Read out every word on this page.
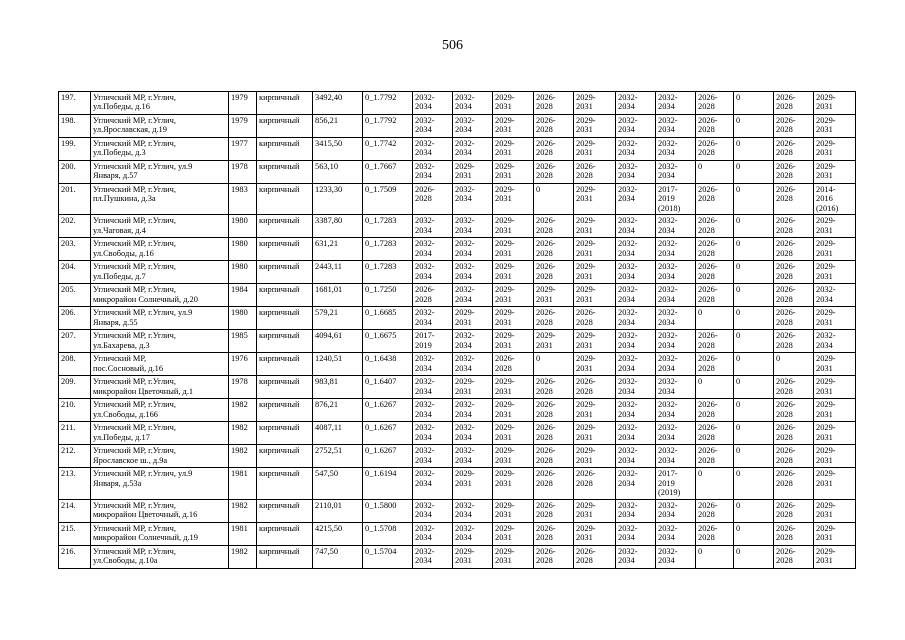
506
197.	Угличский МР, г.Углич,
ул.Победы, д.16	1979	кирпичный	3492,40	0_1.7792	2032-
2034	2032-
2034	2029-
2031	2026-
2028	2029-
2031	2032-
2034	2032-
2034	2026-
2028	0	2026-
2028	2029-
2031
198.	Угличский МР, г.Углич,
ул.Ярославская, д.19	1979	кирпичный	856,21	0_1.7792	2032-
2034	2032-
2034	2029-
2031	2026-
2028	2029-
2031	2032-
2034	2032-
2034	2026-
2028	0	2026-
2028	2029-
2031
199.	Угличский МР, г.Углич,
ул.Победы, д.3	1977	кирпичный	3415,50	0_1.7742	2032-
2034	2032-
2034	2029-
2031	2026-
2028	2029-
2031	2032-
2034	2032-
2034	2026-
2028	0	2026-
2028	2029-
2031
200.	Угличский МР, г.Углич, ул.9
Января, д.57	1978	кирпичный	563,10	0_1.7667	2032-
2034	2029-
2031	2029-
2031	2026-
2028	2026-
2028	2032-
2034	2032-
2034	0	0	2026-
2028	2029-
2031
201.	Угличский МР, г.Углич,
пл.Пушкина, д.3а	1983	кирпичный	1233,30	0_1.7509	2026-
2028	2032-
2034	2029-
2031	0	2029-
2031	2032-
2034	2017-
2019
(2018)	2026-
2028	0	2026-
2028	2014-
2016
(2016)
202.	Угличский МР, г.Углич,
ул.Чаговая, д.4	1980	кирпичный	3387,80	0_1.7283	2032-
2034	2032-
2034	2029-
2031	2026-
2028	2029-
2031	2032-
2034	2032-
2034	2026-
2028	0	2026-
2028	2029-
2031
203.	Угличский МР, г.Углич,
ул.Свободы, д.16	1980	кирпичный	631,21	0_1.7283	2032-
2034	2032-
2034	2029-
2031	2026-
2028	2029-
2031	2032-
2034	2032-
2034	2026-
2028	0	2026-
2028	2029-
2031
204.	Угличский МР, г.Углич,
ул.Победы, д.7	1980	кирпичный	2443,11	0_1.7283	2032-
2034	2032-
2034	2029-
2031	2026-
2028	2029-
2031	2032-
2034	2032-
2034	2026-
2028	0	2026-
2028	2029-
2031
205.	Угличский МР, г.Углич,
микрорайон Солнечный, д.20	1984	кирпичный	1681,01	0_1.7250	2026-
2028	2032-
2034	2029-
2031	2029-
2031	2029-
2031	2032-
2034	2032-
2034	2026-
2028	0	2026-
2028	2032-
2034
206.	Угличский МР, г.Углич, ул.9
Января, д.55	1980	кирпичный	579,21	0_1.6685	2032-
2034	2029-
2031	2029-
2031	2026-
2028	2026-
2028	2032-
2034	2032-
2034	0	0	2026-
2028	2029-
2031
207.	Угличский МР, г.Углич,
ул.Бахарева, д.3	1985	кирпичный	4094,61	0_1.6675	2017-
2019	2032-
2034	2029-
2031	2029-
2031	2029-
2031	2032-
2034	2032-
2034	2026-
2028	0	2026-
2028	2032-
2034
208.	Угличский МР,
пос.Сосновый, д.16	1976	кирпичный	1240,51	0_1.6438	2032-
2034	2032-
2034	2026-
2028	0	2029-
2031	2032-
2034	2032-
2034	2026-
2028	0	0	2029-
2031
209.	Угличский МР, г.Углич,
микрорайон Цветочный, д.1	1978	кирпичный	983,81	0_1.6407	2032-
2034	2029-
2031	2029-
2031	2026-
2028	2026-
2028	2032-
2034	2032-
2034	0	0	2026-
2028	2029-
2031
210.	Угличский МР, г.Углич,
ул.Свободы, д.166	1982	кирпичный	876,21	0_1.6267	2032-
2034	2032-
2034	2029-
2031	2026-
2028	2029-
2031	2032-
2034	2032-
2034	2026-
2028	0	2026-
2028	2029-
2031
211.	Угличский МР, г.Углич,
ул.Победы, д.17	1982	кирпичный	4087,11	0_1.6267	2032-
2034	2032-
2034	2029-
2031	2026-
2028	2029-
2031	2032-
2034	2032-
2034	2026-
2028	0	2026-
2028	2029-
2031
212.	Угличский МР, г.Углич,
Ярославское ш., д.9а	1982	кирпичный	2752,51	0_1.6267	2032-
2034	2032-
2034	2029-
2031	2026-
2028	2029-
2031	2032-
2034	2032-
2034	2026-
2028	0	2026-
2028	2029-
2031
213.	Угличский МР, г.Углич, ул.9
Января, д.53а	1981	кирпичный	547,50	0_1.6194	2032-
2034	2029-
2031	2029-
2031	2026-
2028	2026-
2028	2032-
2034	2017-
2019
(2019)	0	0	2026-
2028	2029-
2031
214.	Угличский МР, г.Углич,
микрорайон Цветочный, д.16	1982	кирпичный	2110,01	0_1.5800	2032-
2034	2032-
2034	2029-
2031	2026-
2028	2029-
2031	2032-
2034	2032-
2034	2026-
2028	0	2026-
2028	2029-
2031
215.	Угличский МР, г.Углич,
микрорайон Солнечный, д.19	1981	кирпичный	4215,50	0_1.5708	2032-
2034	2032-
2034	2029-
2031	2026-
2028	2029-
2031	2032-
2034	2032-
2034	2026-
2028	0	2026-
2028	2029-
2031
216.	Угличский МР, г.Углич,
ул.Свободы, д.10а	1982	кирпичный	747,50	0_1.5704	2032-
2034	2029-
2031	2029-
2031	2026-
2028	2026-
2028	2032-
2034	2032-
2034	0	0	2026-
2028	2029-
2031
